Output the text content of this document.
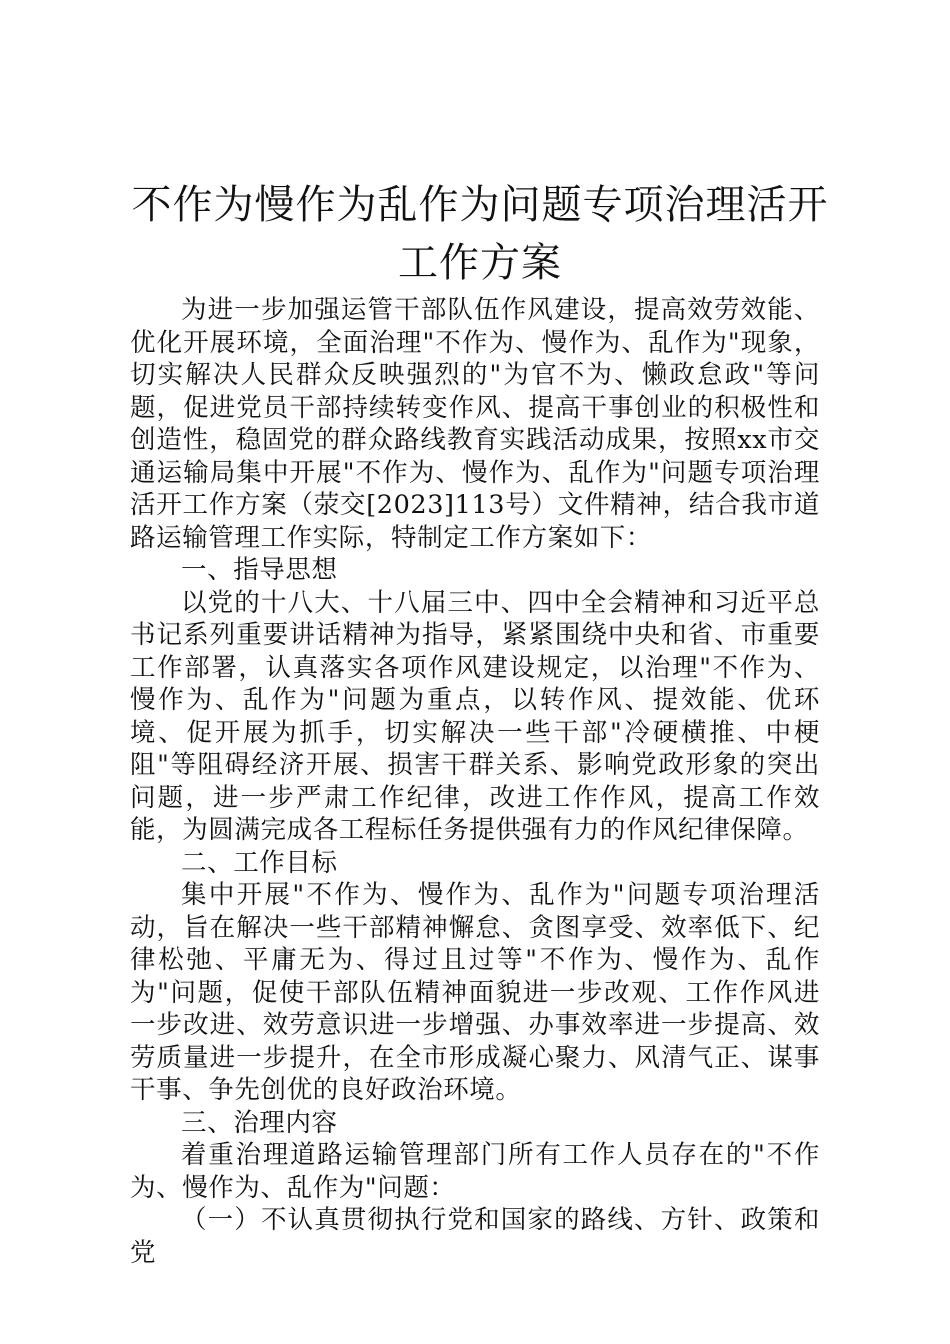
不作为慢作为乱作为问题专项治理活开工作方案

为进一步加强运管干部队伍作风建设，提高效劳效能、优化开展环境，全面治理"不作为、慢作为、乱作为"现象，切实解决人民群众反映强烈的"为官不为、懒政怠政"等问题，促进党员干部持续转变作风、提高干事创业的积极性和创造性，稳固党的群众路线教育实践活动成果，按照xx市交通运输局集中开展"不作为、慢作为、乱作为"问题专项治理活开工作方案（荥交[2023]113号）文件精神，结合我市道路运输管理工作实际，特制定工作方案如下：

一、指导思想

以党的十八大、十八届三中、四中全会精神和习近平总书记系列重要讲话精神为指导，紧紧围绕中央和省、市重要工作部署，认真落实各项作风建设规定，以治理"不作为、慢作为、乱作为"问题为重点，以转作风、提效能、优环境、促开展为抓手，切实解决一些干部"冷硬横推、中梗阻"等阻碍经济开展、损害干群关系、影响党政形象的突出问题，进一步严肃工作纪律，改进工作作风，提高工作效能，为圆满完成各工程标任务提供强有力的作风纪律保障。

二、工作目标

集中开展"不作为、慢作为、乱作为"问题专项治理活动，旨在解决一些干部精神懈怠、贪图享受、效率低下、纪律松弛、平庸无为、得过且过等"不作为、慢作为、乱作为"问题，促使干部队伍精神面貌进一步改观、工作作风进一步改进、效劳意识进一步增强、办事效率进一步提高、效劳质量进一步提升，在全市形成凝心聚力、风清气正、谋事干事、争先创优的良好政治环境。

三、治理内容

着重治理道路运输管理部门所有工作人员存在的"不作为、慢作为、乱作为"问题：

（一）不认真贯彻执行党和国家的路线、方针、政策和党
